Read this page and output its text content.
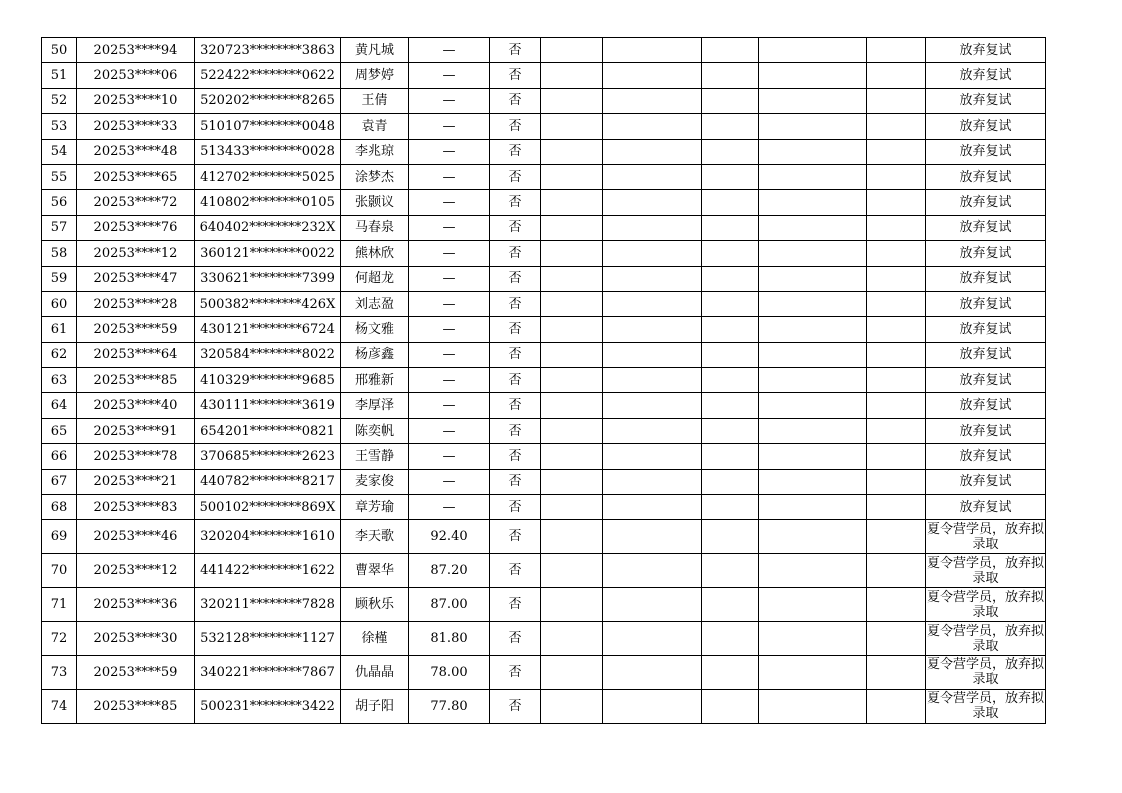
50	20253****94	320723********3863	黄凡城	—	否						放弃复试
51	20253****06	522422********0622	周梦婷	—	否						放弃复试
52	20253****10	520202********8265	王倩	—	否						放弃复试
53	20253****33	510107********0048	袁青	—	否						放弃复试
54	20253****48	513433********0028	李兆琼	—	否						放弃复试
55	20253****65	412702********5025	涂梦杰	—	否						放弃复试
56	20253****72	410802********0105	张颢议	—	否						放弃复试
57	20253****76	640402********232X	马春泉	—	否						放弃复试
58	20253****12	360121********0022	熊林欣	—	否						放弃复试
59	20253****47	330621********7399	何超龙	—	否						放弃复试
60	20253****28	500382********426X	刘志盈	—	否						放弃复试
61	20253****59	430121********6724	杨文雅	—	否						放弃复试
62	20253****64	320584********8022	杨彦鑫	—	否						放弃复试
63	20253****85	410329********9685	邢雅新	—	否						放弃复试
64	20253****40	430111********3619	李厚泽	—	否						放弃复试
65	20253****91	654201********0821	陈奕帆	—	否						放弃复试
66	20253****78	370685********2623	王雪静	—	否						放弃复试
67	20253****21	440782********8217	麦家俊	—	否						放弃复试
68	20253****83	500102********869X	章芳瑜	—	否						放弃复试
69	20253****46	320204********1610	李天歌	92.40	否						夏令营学员，放弃拟录取
70	20253****12	441422********1622	曹翠华	87.20	否						夏令营学员，放弃拟录取
71	20253****36	320211********7828	顾秋乐	87.00	否						夏令营学员，放弃拟录取
72	20253****30	532128********1127	徐槿	81.80	否						夏令营学员，放弃拟录取
73	20253****59	340221********7867	仇晶晶	78.00	否						夏令营学员，放弃拟录取
74	20253****85	500231********3422	胡子阳	77.80	否						夏令营学员，放弃拟录取
